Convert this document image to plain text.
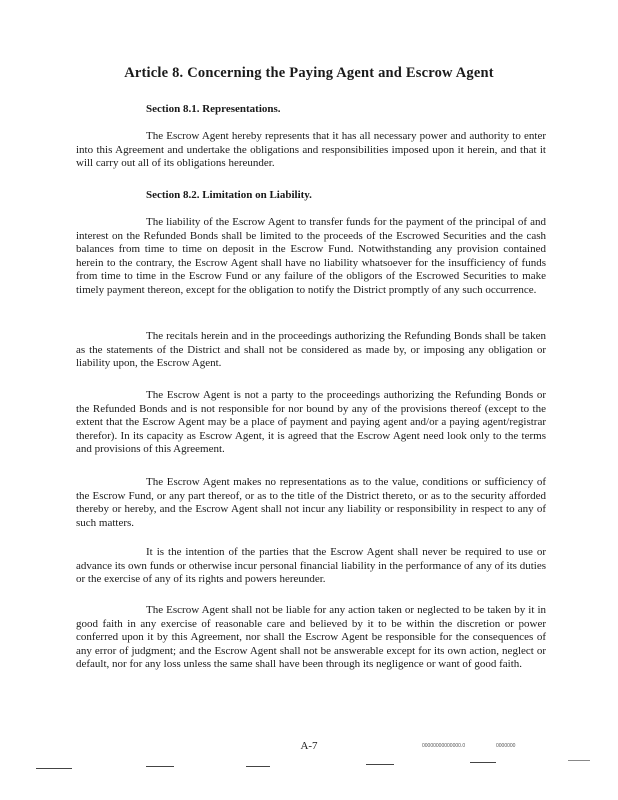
Article 8. Concerning the Paying Agent and Escrow Agent
Section 8.1. Representations.

The Escrow Agent hereby represents that it has all necessary power and authority to enter into this Agreement and undertake the obligations and responsibilities imposed upon it herein, and that it will carry out all of its obligations hereunder.

Section 8.2. Limitation on Liability.

The liability of the Escrow Agent to transfer funds for the payment of the principal of and interest on the Refunded Bonds shall be limited to the proceeds of the Escrowed Securities and the cash balances from time to time on deposit in the Escrow Fund. Notwithstanding any provision contained herein to the contrary, the Escrow Agent shall have no liability whatsoever for the insufficiency of funds from time to time in the Escrow Fund or any failure of the obligors of the Escrowed Securities to make timely payment thereon, except for the obligation to notify the District promptly of any such occurrence.

The recitals herein and in the proceedings authorizing the Refunding Bonds shall be taken as the statements of the District and shall not be considered as made by, or imposing any obligation or liability upon, the Escrow Agent.

The Escrow Agent is not a party to the proceedings authorizing the Refunding Bonds or the Refunded Bonds and is not responsible for nor bound by any of the provisions thereof (except to the extent that the Escrow Agent may be a place of payment and paying agent and/or a paying agent/registrar therefor). In its capacity as Escrow Agent, it is agreed that the Escrow Agent need look only to the terms and provisions of this Agreement.

The Escrow Agent makes no representations as to the value, conditions or sufficiency of the Escrow Fund, or any part thereof, or as to the title of the District thereto, or as to the security afforded thereby or hereby, and the Escrow Agent shall not incur any liability or responsibility in respect to any of such matters.

It is the intention of the parties that the Escrow Agent shall never be required to use or advance its own funds or otherwise incur personal financial liability in the performance of any of its duties or the exercise of any of its rights and powers hereunder.

The Escrow Agent shall not be liable for any action taken or neglected to be taken by it in good faith in any exercise of reasonable care and believed by it to be within the discretion or power conferred upon it by this Agreement, nor shall the Escrow Agent be responsible for the consequences of any error of judgment; and the Escrow Agent shall not be answerable except for its own action, neglect or default, nor for any loss unless the same shall have been through its negligence or want of good faith.

A-7	00000000000000.0	0000000
